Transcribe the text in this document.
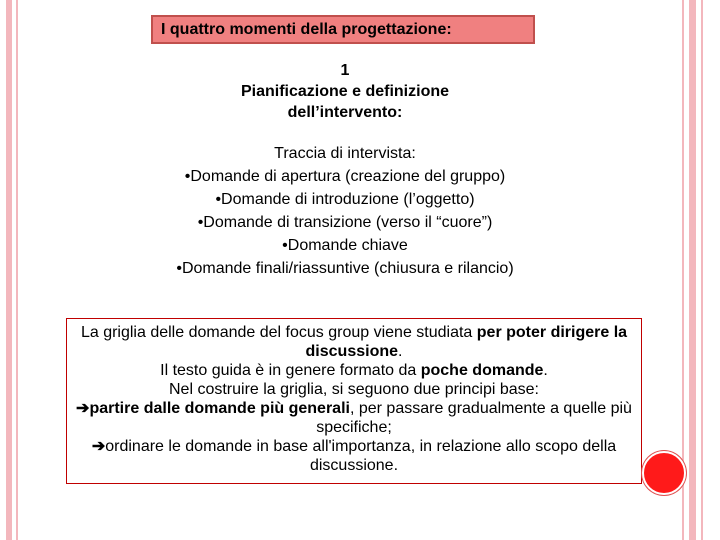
I quattro momenti della progettazione:
1
Pianificazione e definizione
dell’intervento:
Traccia di intervista:
•Domande di apertura (creazione del gruppo)
•Domande di introduzione (l’oggetto)
•Domande di transizione (verso il “cuore”)
•Domande chiave
•Domande finali/riassuntive (chiusura e rilancio)

La griglia delle domande del focus group viene studiata per poter dirigere la discussione.

Il testo guida è in genere formato da poche domande.

Nel costruire la griglia, si seguono due principi base:

➔partire dalle domande più generali, per passare gradualmente a quelle più specifiche;

➔ordinare le domande in base all'importanza, in relazione allo scopo della discussione.
